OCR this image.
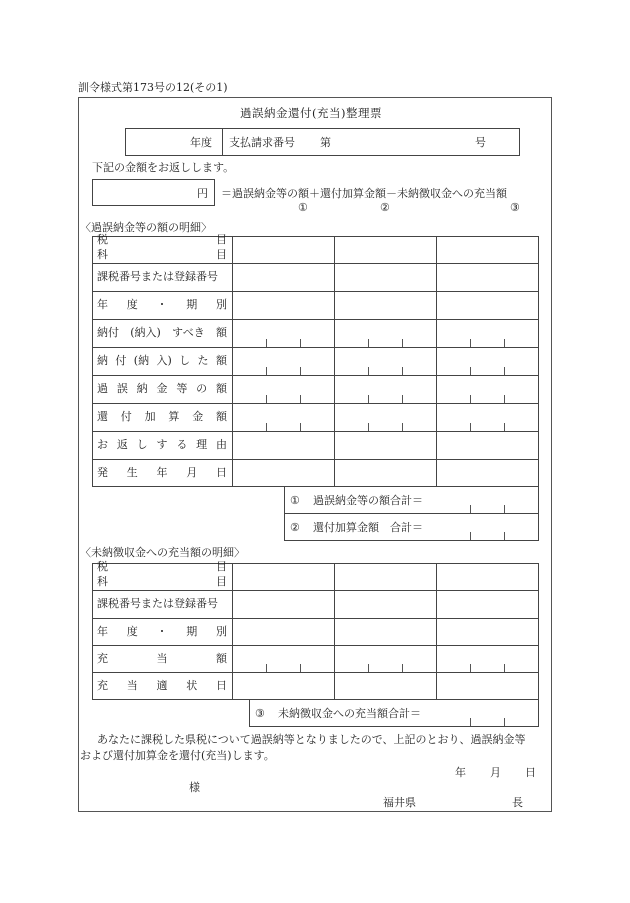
訓令様式第173号の12(その1)
過誤納金還付(充当)整理票
年度 支払請求番号 第	号
下記の金額をお返しします。
円 ＝過誤納金等の額＋還付加算金額－未納徴収金への充当額
①	②	③
〈過誤納金等の額の明細〉
〈未納徴収金への充当額の明細〉
あなたに課税した県税について過誤納等となりましたので、上記のとおり、過誤納金等
および還付加算金を還付(充当)します。
年 月 日
様
福井県	長
税	目
科	目
課税番号または登録番号
年 度 ・ 期 別
納付 (納入) すべき 額
納 付 (納 入) し た 額
過 誤 納 金 等 の 額
還 付 加 算 金 額
お 返 し す る 理 由
発 生 年 月 日
① 過誤納金等の額合計＝
② 還付加算金額　合計＝
税	目
科	目
課税番号または登録番号
年 度 ・ 期 別
充	当	額
充 当 適 状 日
③ 未納徴収金への充当額合計＝
